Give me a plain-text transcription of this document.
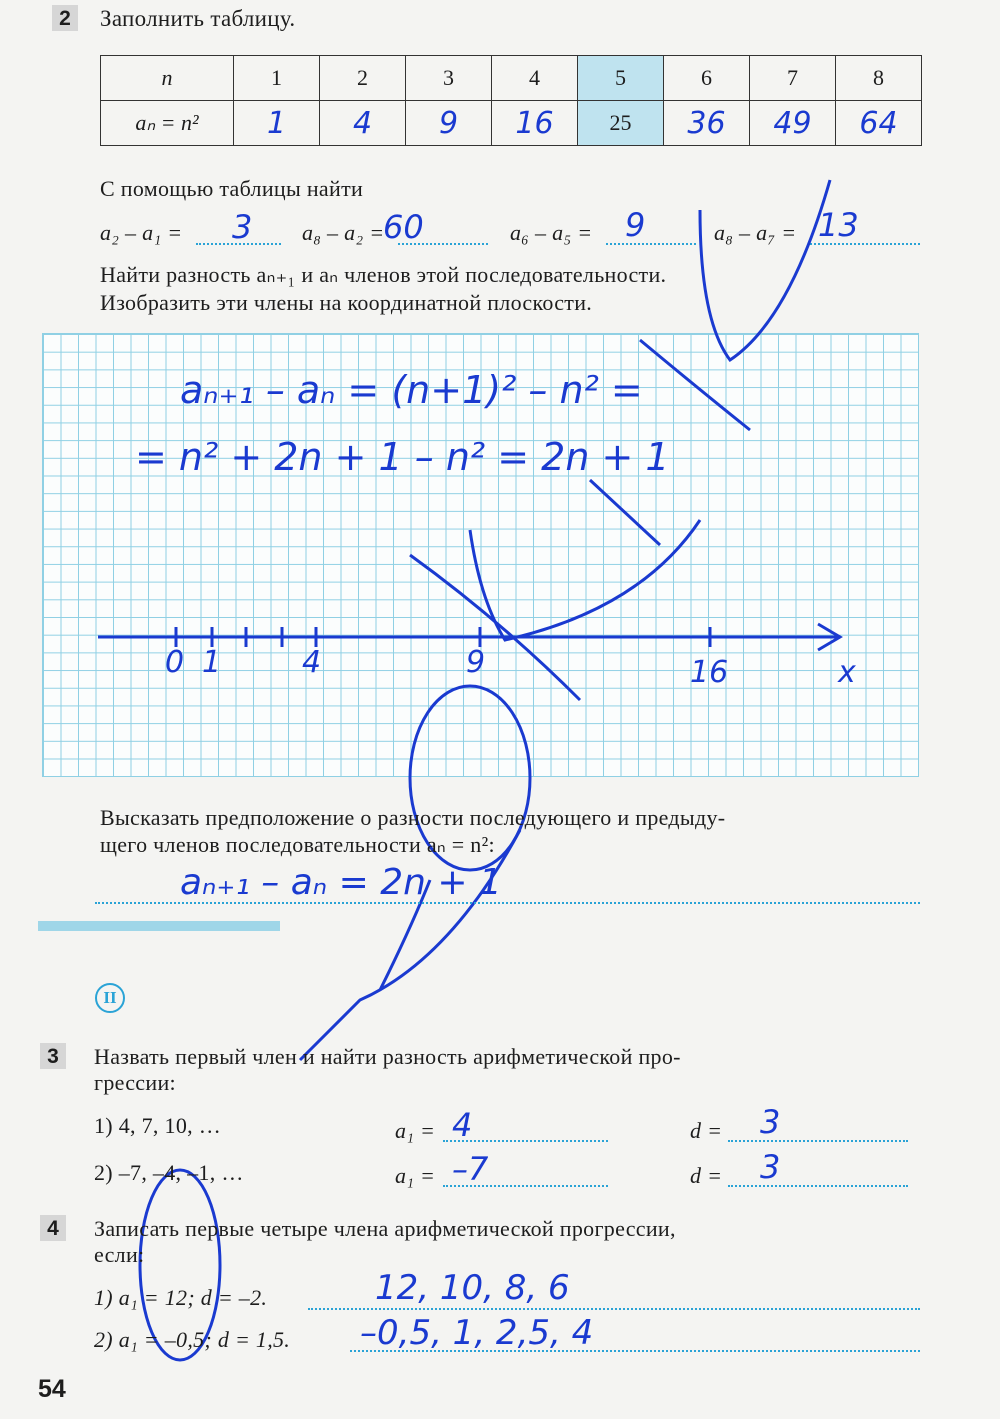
2	Заполнить таблицу.
n	1	2	3	4	5	6	7	8
aₙ = n²	1	4	9	16	25	36	49	64
С помощью таблицы найти
a₂ – a₁ = 3 a₈ – a₂ =
60	a₆ – a₅ = 9	a₈ – a₇ = 13
Найти разность aₙ₊₁ и aₙ членов этой последовательности.
Изобразить эти члены на координатной плоскости.
aₙ₊₁ – aₙ = (n+1)² – n² =
= n² + 2n + 1 – n² = 2n + 1
0 1	4	9	16	x
Высказать предположение о разности последующего и предыду-
щего членов последовательности aₙ = n²:
aₙ₊₁ – aₙ = 2n + 1
II
3	Назвать первый член и найти разность арифметической про-
грессии:
1) 4, 7, 10, …	a₁ = 4	d = 3
2) –7, –4, –1, …	a₁ = –7	d = 3
4	Записать первые четыре члена арифметической прогрессии,
если:
1) a₁ = 12; d = –2.	12, 10, 8, 6
2) a₁ = –0,5; d = 1,5. –0,5, 1, 2,5, 4
54
